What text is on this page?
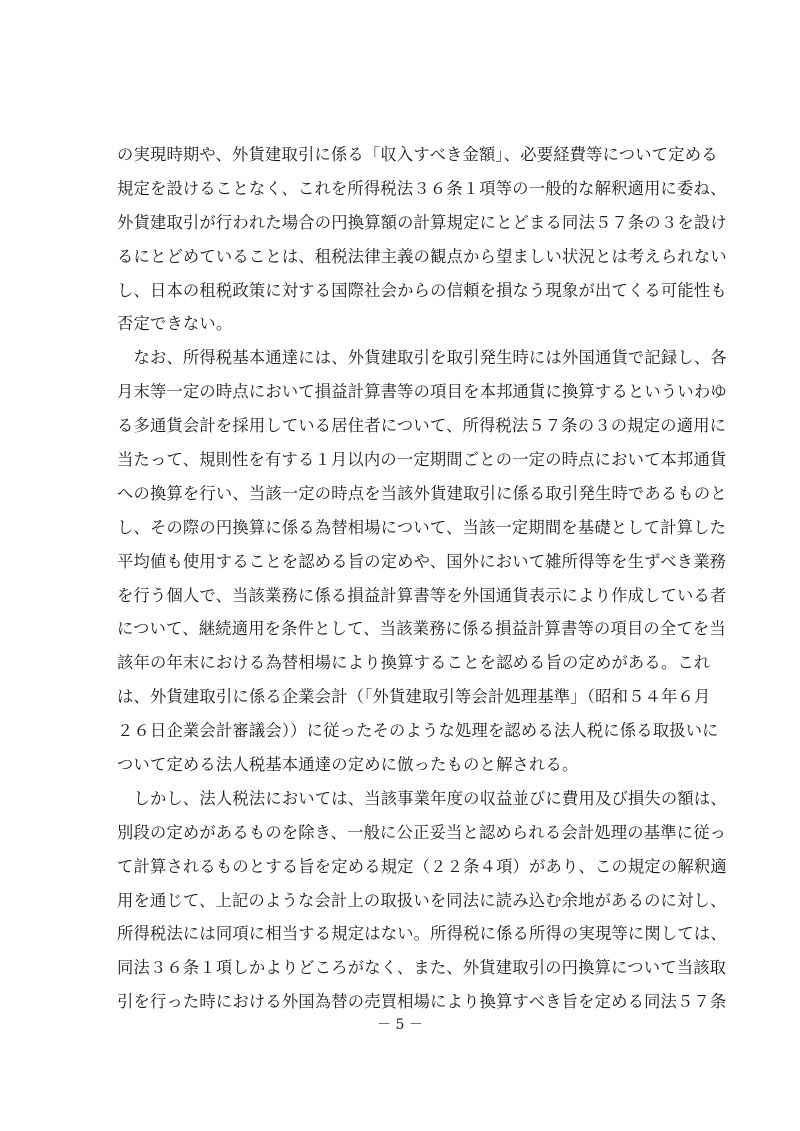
の実現時期や、外貨建取引に係る「収入すべき金額」、必要経費等について定める
規定を設けることなく、これを所得税法３６条１項等の一般的な解釈適用に委ね、
外貨建取引が行われた場合の円換算額の計算規定にとどまる同法５７条の３を設け
るにとどめていることは、租税法律主義の観点から望ましい状況とは考えられない
し、日本の租税政策に対する国際社会からの信頼を損なう現象が出てくる可能性も
否定できない。
　なお、所得税基本通達には、外貨建取引を取引発生時には外国通貨で記録し、各
月末等一定の時点において損益計算書等の項目を本邦通貨に換算するといういわゆ
る多通貨会計を採用している居住者について、所得税法５７条の３の規定の適用に
当たって、規則性を有する１月以内の一定期間ごとの一定の時点において本邦通貨
への換算を行い、当該一定の時点を当該外貨建取引に係る取引発生時であるものと
し、その際の円換算に係る為替相場について、当該一定期間を基礎として計算した
平均値も使用することを認める旨の定めや、国外において雑所得等を生ずべき業務
を行う個人で、当該業務に係る損益計算書等を外国通貨表示により作成している者
について、継続適用を条件として、当該業務に係る損益計算書等の項目の全てを当
該年の年末における為替相場により換算することを認める旨の定めがある。これ
は、外貨建取引に係る企業会計（「外貨建取引等会計処理基準」（昭和５４年６月
２６日企業会計審議会））に従ったそのような処理を認める法人税に係る取扱いに
ついて定める法人税基本通達の定めに倣ったものと解される。
　しかし、法人税法においては、当該事業年度の収益並びに費用及び損失の額は、
別段の定めがあるものを除き、一般に公正妥当と認められる会計処理の基準に従っ
て計算されるものとする旨を定める規定（２２条４項）があり、この規定の解釈適
用を通じて、上記のような会計上の取扱いを同法に読み込む余地があるのに対し、
所得税法には同項に相当する規定はない。所得税に係る所得の実現等に関しては、
同法３６条１項しかよりどころがなく、また、外貨建取引の円換算について当該取
引を行った時における外国為替の売買相場により換算すべき旨を定める同法５７条
－ 5 －
